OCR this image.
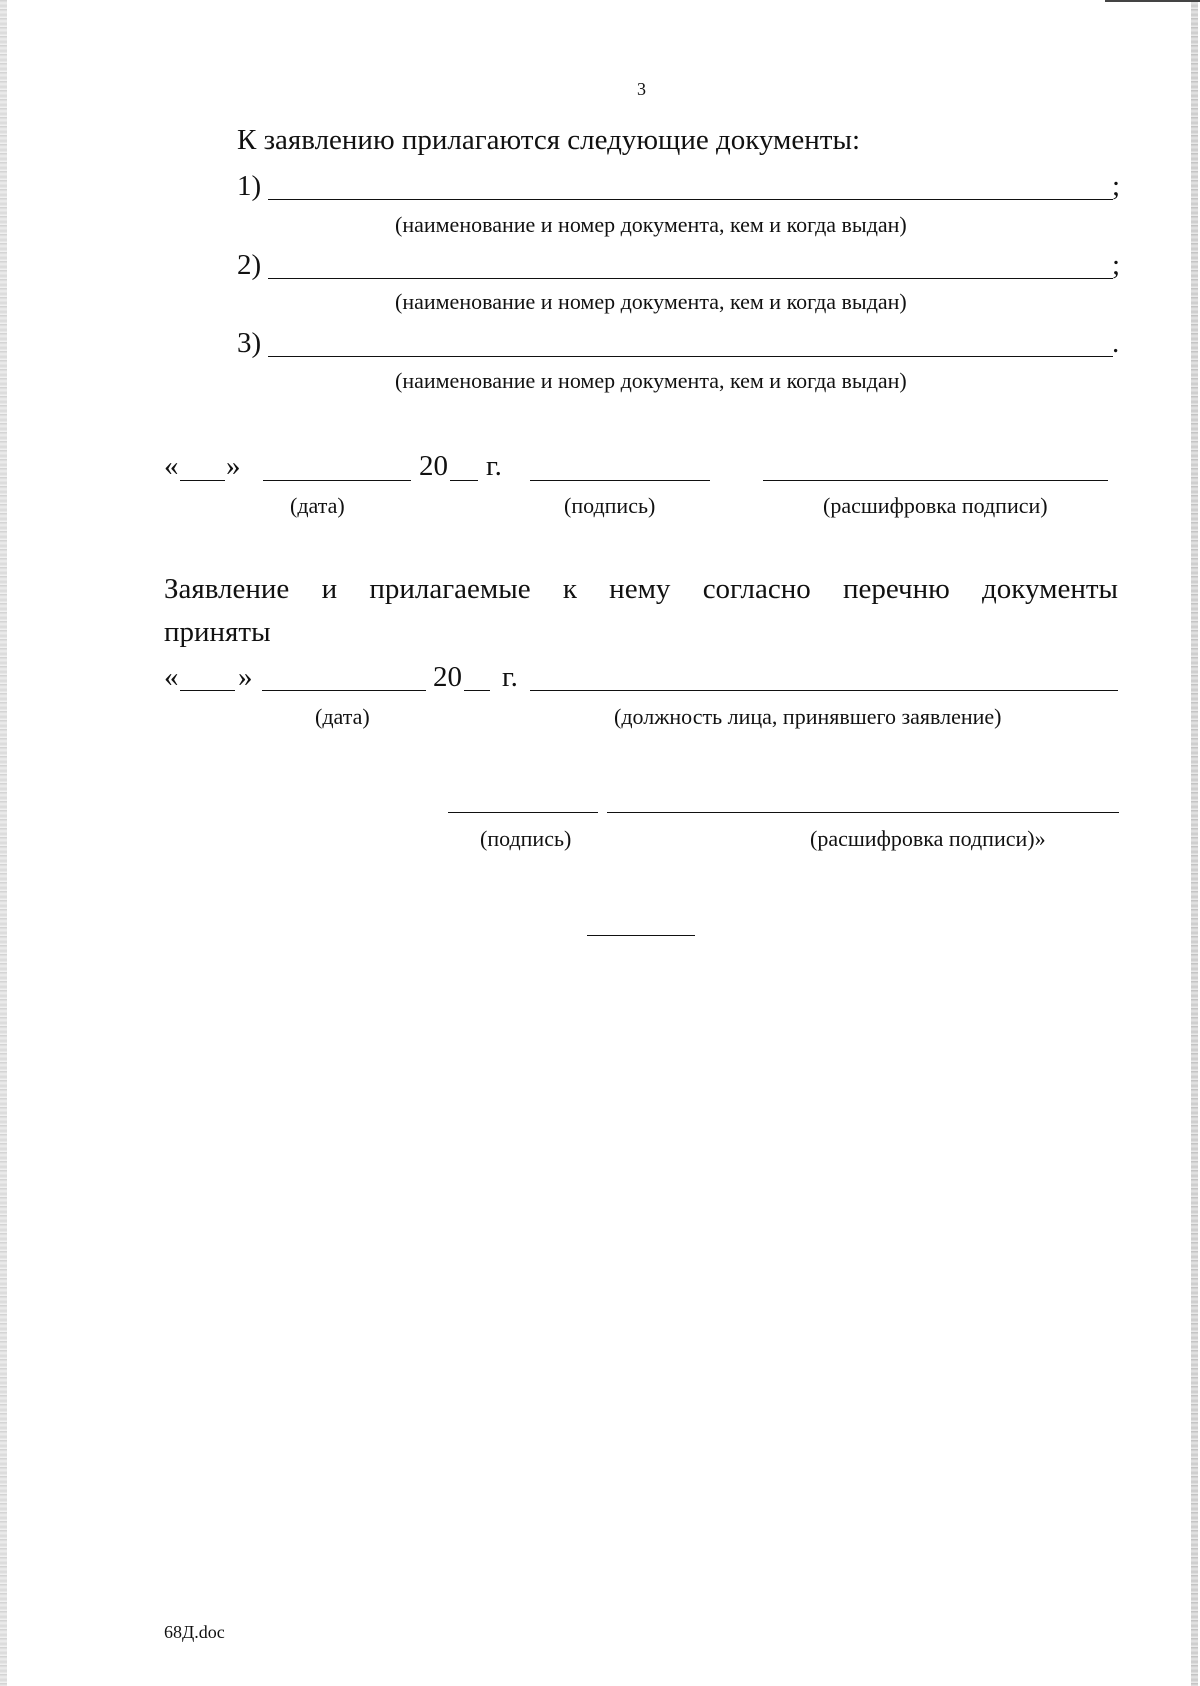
3
К заявлению прилагаются следующие документы:
1)	;
(наименование и номер документа, кем и когда выдан)
2)	;
(наименование и номер документа, кем и когда выдан)
3)	.
(наименование и номер документа, кем и когда выдан)
« »	20 г.
(дата)	(подпись)	(расшифровка подписи)
Заявление и прилагаемые к нему согласно перечню документы
приняты
« »	20 г.
(дата)	(должность лица, принявшего заявление)
(подпись)	(расшифровка подписи)»
68Д.doc
